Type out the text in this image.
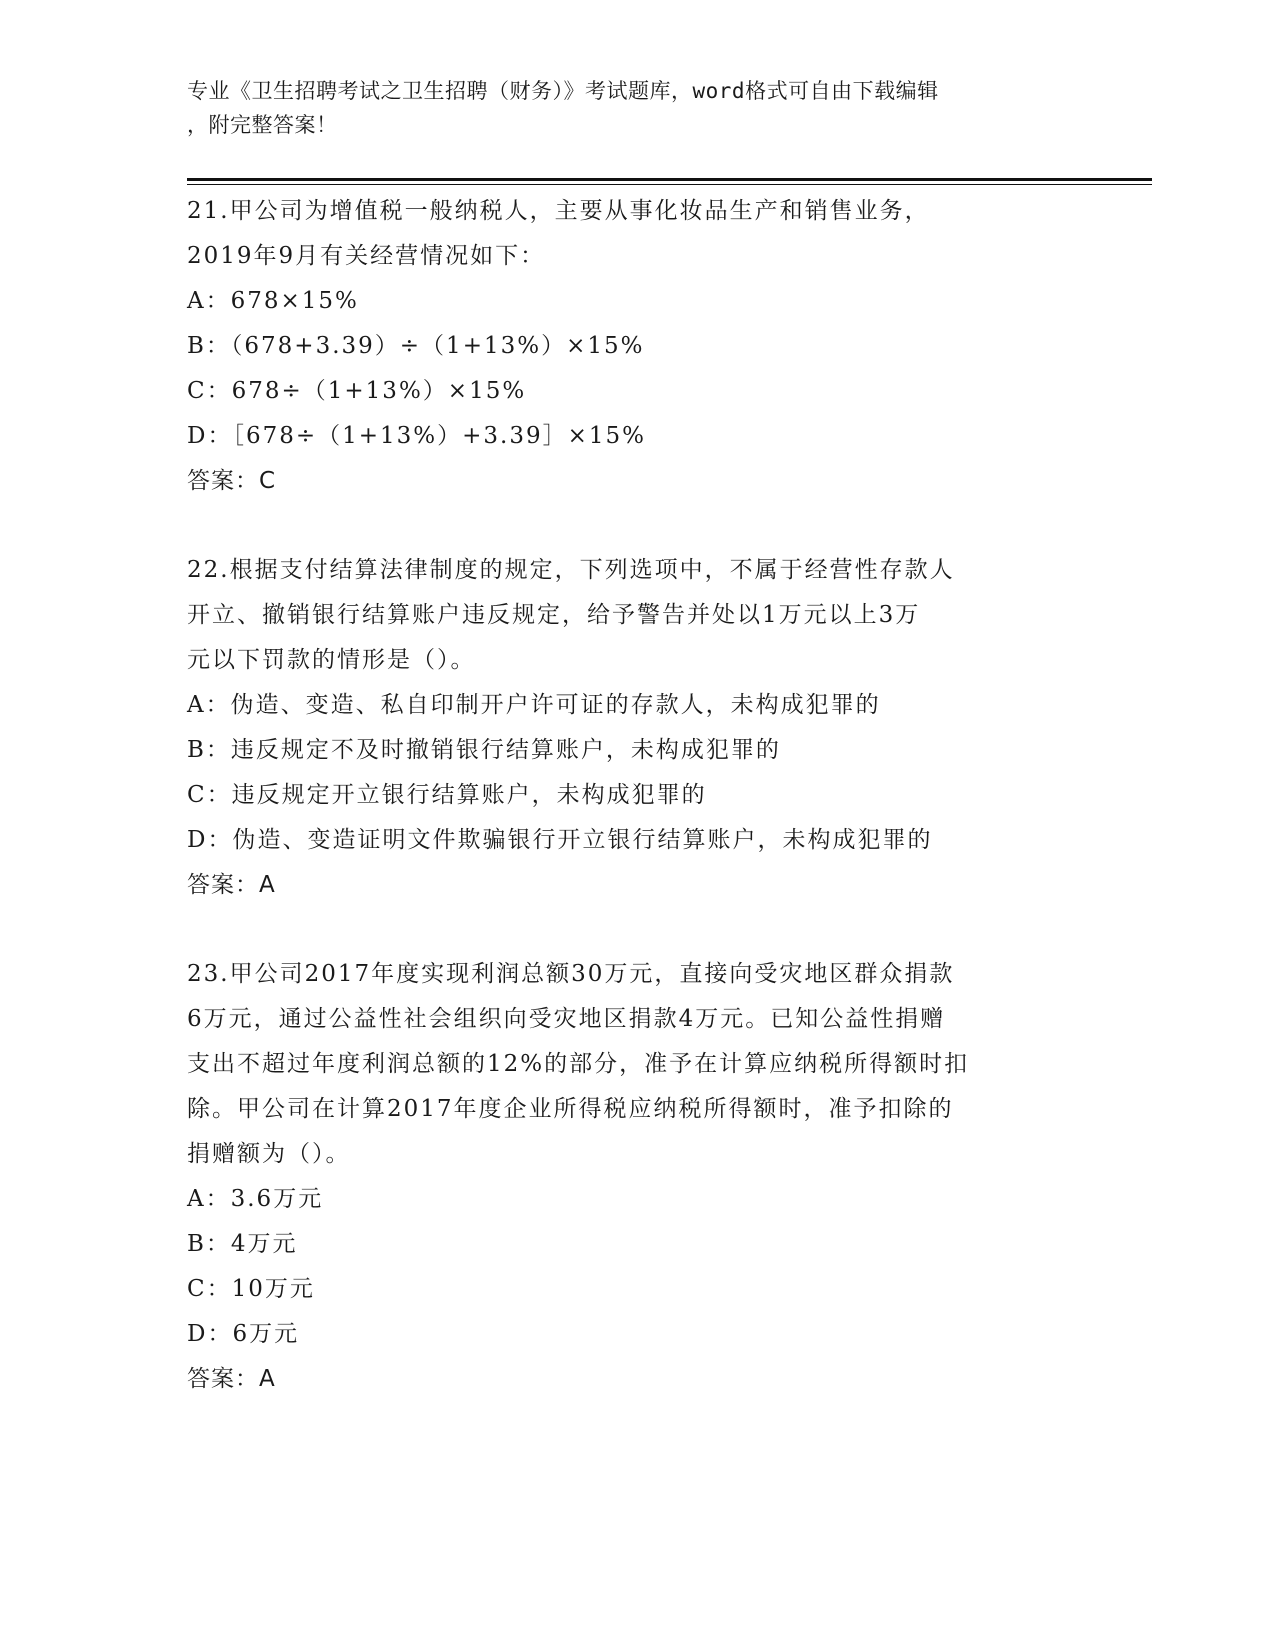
专业《卫生招聘考试之卫生招聘（财务）》考试题库，word格式可自由下载编辑
，附完整答案！
21.甲公司为增值税一般纳税人，主要从事化妆品生产和销售业务，
2019年9月有关经营情况如下：
A：678×15%
B：（678+3.39）÷（1+13%）×15%
C：678÷（1+13%）×15%
D：［678÷（1+13%）+3.39］×15%
答案：C
22.根据支付结算法律制度的规定，下列选项中，不属于经营性存款人
开立、撤销银行结算账户违反规定，给予警告并处以1万元以上3万
元以下罚款的情形是（）。
A：伪造、变造、私自印制开户许可证的存款人，未构成犯罪的
B：违反规定不及时撤销银行结算账户，未构成犯罪的
C：违反规定开立银行结算账户，未构成犯罪的
D：伪造、变造证明文件欺骗银行开立银行结算账户，未构成犯罪的
答案：A
23.甲公司2017年度实现利润总额30万元，直接向受灾地区群众捐款
6万元，通过公益性社会组织向受灾地区捐款4万元。已知公益性捐赠
支出不超过年度利润总额的12%的部分，准予在计算应纳税所得额时扣
除。甲公司在计算2017年度企业所得税应纳税所得额时，准予扣除的
捐赠额为（）。
A：3.6万元
B：4万元
C：10万元
D：6万元
答案：A
